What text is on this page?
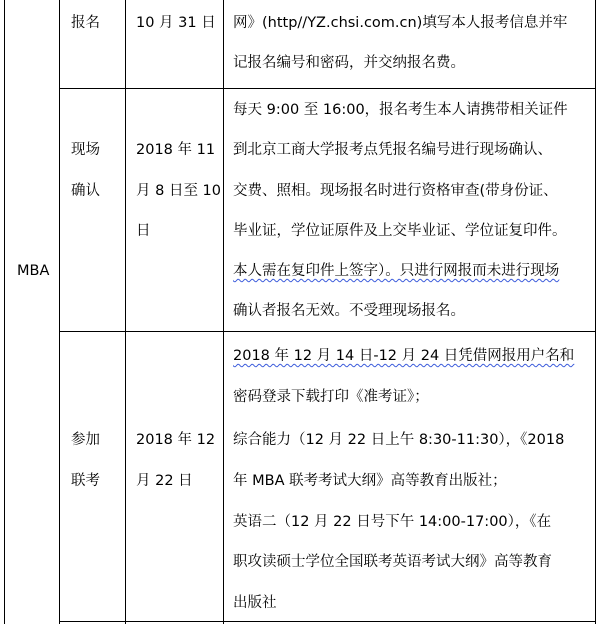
MBA
报名 10 月 31 日 网》(http//YZ.chsi.com.cn)填写本人报考信息并牢
记报名编号和密码，并交纳报名费。
现场
确认
2018 年 11
月 8 日至 10
日
每天 9:00 至 16:00，报名考生本人请携带相关证件
到北京工商大学报考点凭报名编号进行现场确认、
交费、照相。现场报名时进行资格审查(带身份证、
毕业证，学位证原件及上交毕业证、学位证复印件。
本人需在复印件上签字）。只进行网报而未进行现场
确认者报名无效。不受理现场报名。
参加
联考
2018 年 12
月 22 日
2018 年 12 月 14 日-12 月 24 日凭借网报用户名和
密码登录下载打印《准考证》；
综合能力（12 月 22 日上午 8:30-11:30），《2018
年 MBA 联考考试大纲》高等教育出版社；
英语二（12 月 22 日号下午 14:00-17:00），《在
职攻读硕士学位全国联考英语考试大纲》高等教育
出版社
